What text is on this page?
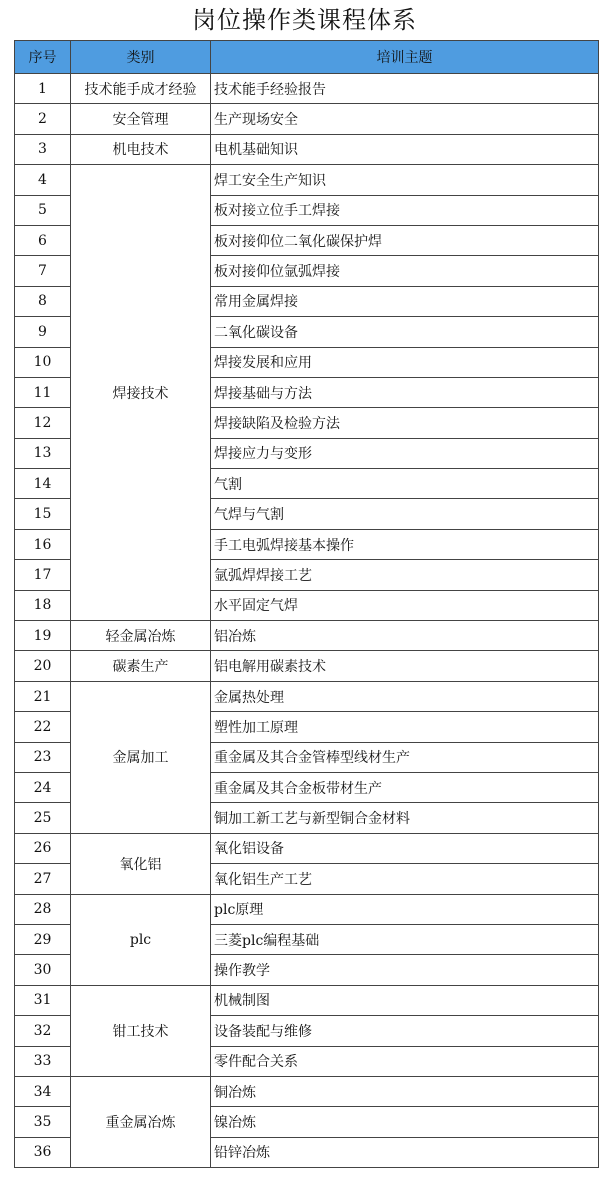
岗位操作类课程体系
序号	类别	培训主题
1	技术能手成才经验	技术能手经验报告
2	安全管理	生产现场安全
3	机电技术	电机基础知识
4	焊接技术	焊工安全生产知识
5		板对接立位手工焊接
6		板对接仰位二氧化碳保护焊
7		板对接仰位氩弧焊接
8		常用金属焊接
9		二氧化碳设备
10		焊接发展和应用
11		焊接基础与方法
12		焊接缺陷及检验方法
13		焊接应力与变形
14		气割
15		气焊与气割
16		手工电弧焊接基本操作
17		氩弧焊焊接工艺
18		水平固定气焊
19	轻金属冶炼	铝冶炼
20	碳素生产	铝电解用碳素技术
21	金属加工	金属热处理
22		塑性加工原理
23		重金属及其合金管棒型线材生产
24		重金属及其合金板带材生产
25		铜加工新工艺与新型铜合金材料
26	氧化铝	氧化铝设备
27		氧化铝生产工艺
28	plc	plc原理
29		三菱plc编程基础
30		操作教学
31	钳工技术	机械制图
32		设备装配与维修
33		零件配合关系
34	重金属冶炼	铜冶炼
35		镍冶炼
36		铅锌冶炼
